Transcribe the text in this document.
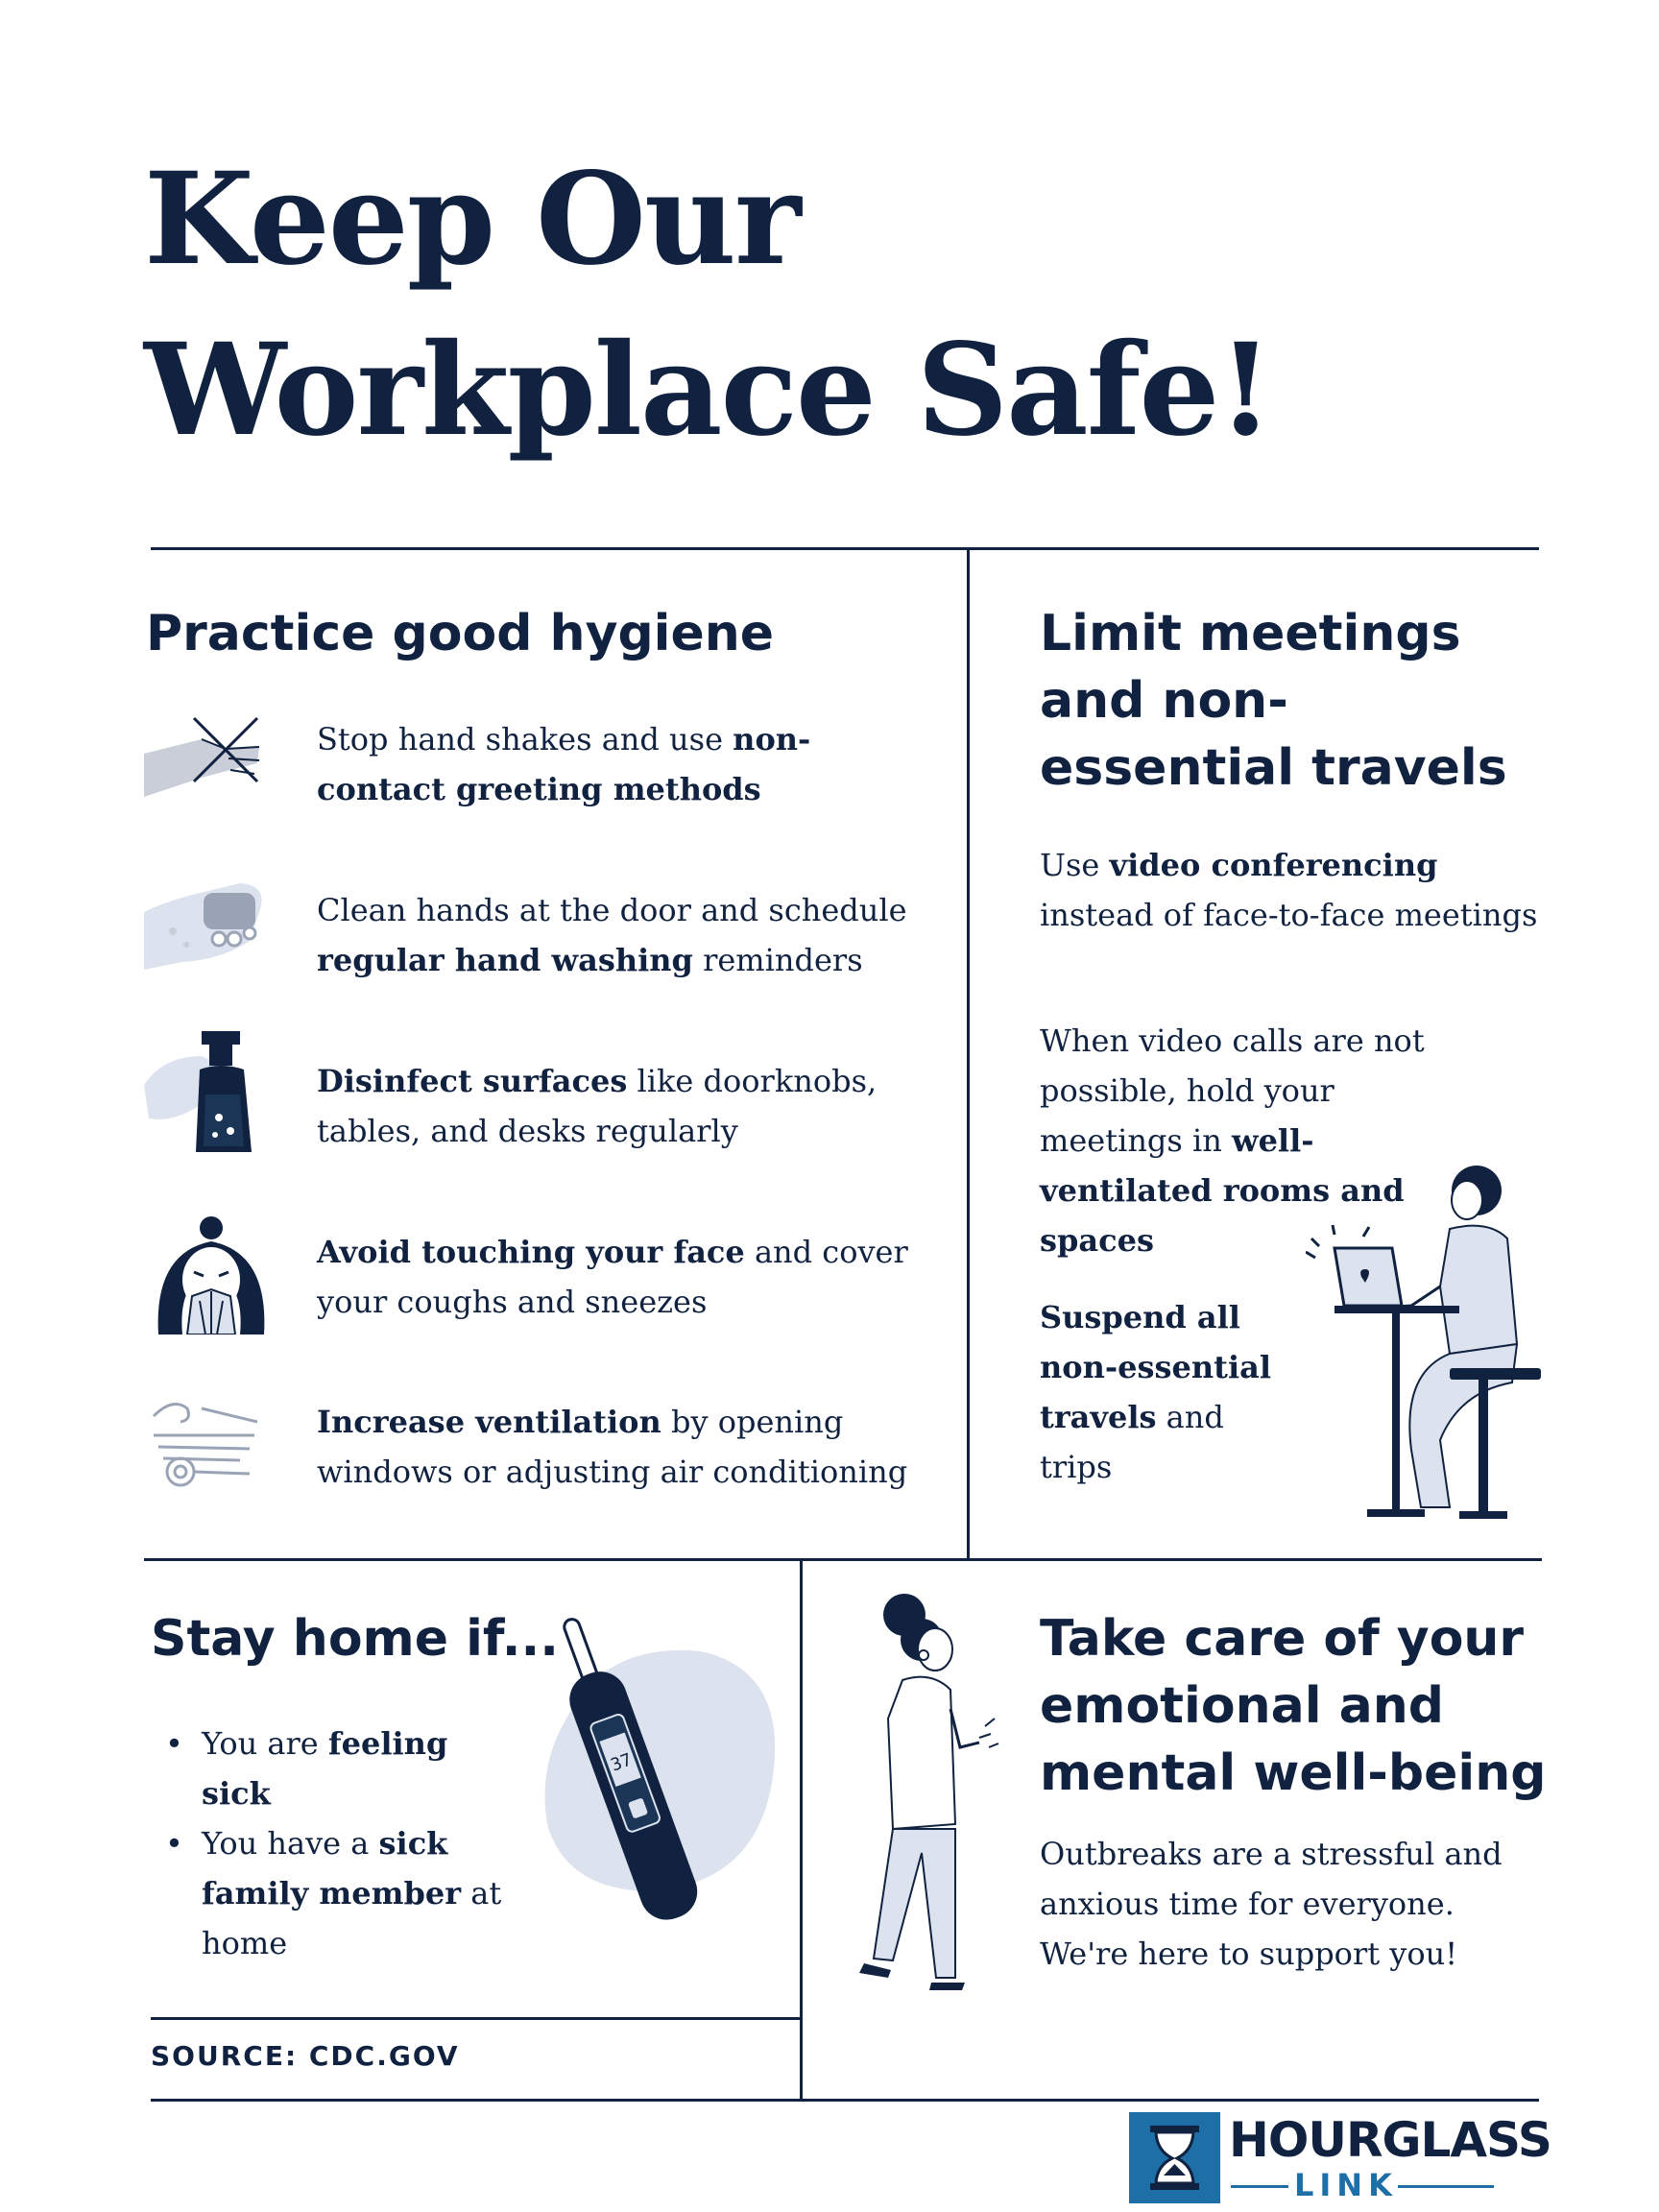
Keep Our
Workplace Safe!
Practice good hygiene
Stop hand shakes and use non-contact greeting methods
Clean hands at the door and schedule regular hand washing reminders
Disinfect surfaces like doorknobs, tables, and desks regularly
Avoid touching your face and cover your coughs and sneezes
Increase ventilation by opening windows or adjusting air conditioning
Limit meetings
and non-
essential travels
Use video conferencing instead of face-to-face meetings
When video calls are not possible, hold your meetings in well-ventilated rooms and spaces
Suspend all non-essential travels and trips
Stay home if...
• You are feeling sick
• You have a sick family member at home
37
SOURCE: CDC.GOV
Take care of your
emotional and
mental well-being
Outbreaks are a stressful and anxious time for everyone. We're here to support you!
HOURGLASS
LINK
